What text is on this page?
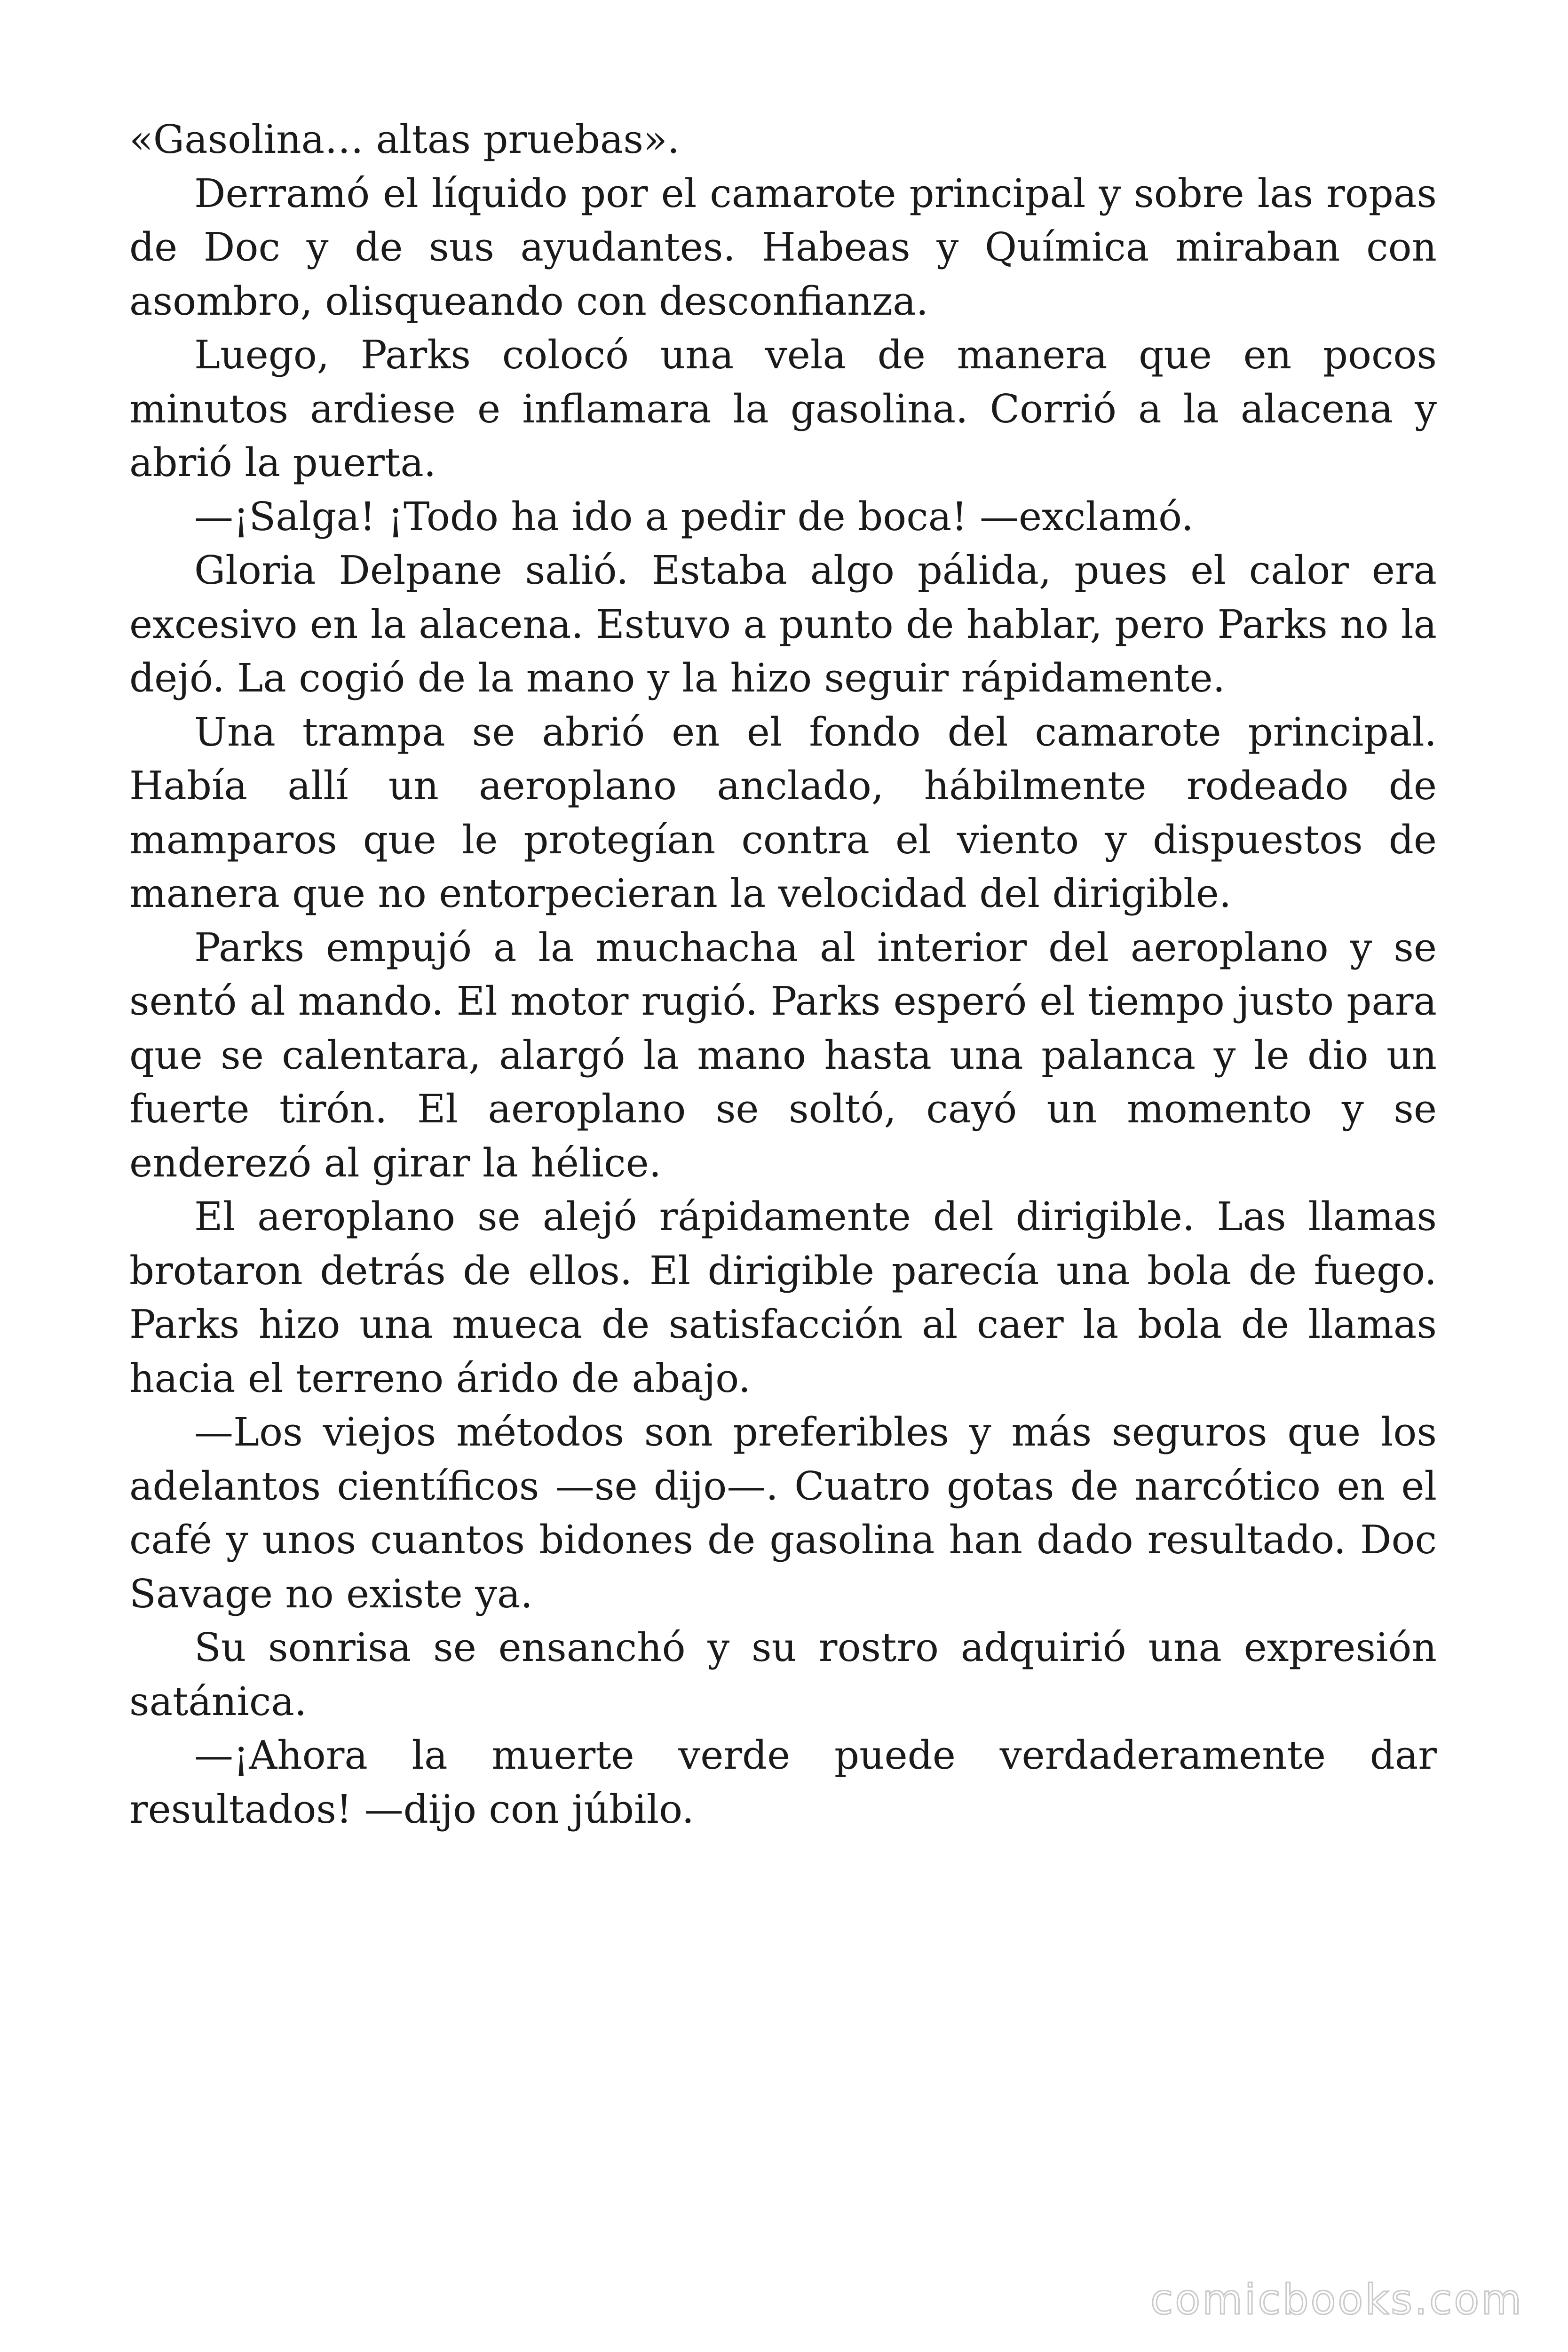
«Gasolina… altas pruebas».

Derramó el líquido por el camarote principal y sobre las ropas de Doc y de sus ayudantes. Habeas y Química miraban con asombro, olisqueando con desconfianza.

Luego, Parks colocó una vela de manera que en pocos minutos ardiese e inflamara la gasolina. Corrió a la alacena y abrió la puerta.

—¡Salga! ¡Todo ha ido a pedir de boca! —exclamó.

Gloria Delpane salió. Estaba algo pálida, pues el calor era excesivo en la alacena. Estuvo a punto de hablar, pero Parks no la dejó. La cogió de la mano y la hizo seguir rápidamente.

Una trampa se abrió en el fondo del camarote principal. Había allí un aeroplano anclado, hábilmente rodeado de mamparos que le protegían contra el viento y dispuestos de manera que no entorpecieran la velocidad del dirigible.

Parks empujó a la muchacha al interior del aeroplano y se sentó al mando. El motor rugió. Parks esperó el tiempo justo para que se calentara, alargó la mano hasta una palanca y le dio un fuerte tirón. El aeroplano se soltó, cayó un momento y se enderezó al girar la hélice.

El aeroplano se alejó rápidamente del dirigible. Las llamas brotaron detrás de ellos. El dirigible parecía una bola de fuego. Parks hizo una mueca de satisfacción al caer la bola de llamas hacia el terreno árido de abajo.

—Los viejos métodos son preferibles y más seguros que los adelantos científicos —se dijo—. Cuatro gotas de narcótico en el café y unos cuantos bidones de gasolina han dado resultado. Doc Savage no existe ya.

Su sonrisa se ensanchó y su rostro adquirió una expresión satánica.

—¡Ahora la muerte verde puede verdaderamente dar resultados! —dijo con júbilo.

comicbooks.com
